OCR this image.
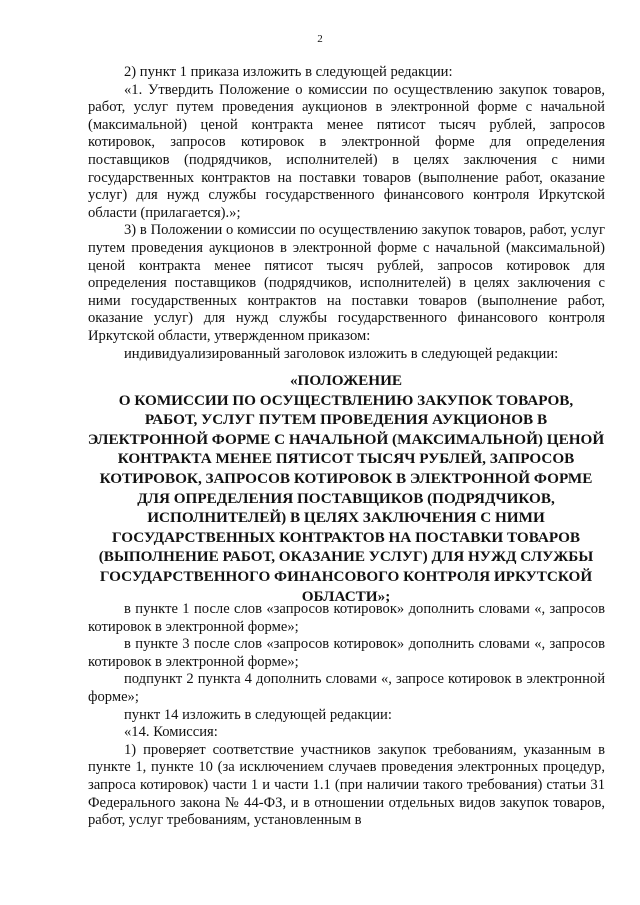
2

2) пункт 1 приказа изложить в следующей редакции:

«1. Утвердить Положение о комиссии по осуществлению закупок товаров, работ, услуг путем проведения аукционов в электронной форме с начальной (максимальной) ценой контракта менее пятисот тысяч рублей, запросов котировок, запросов котировок в электронной форме для определения поставщиков (подрядчиков, исполнителей) в целях заключения с ними государственных контрактов на поставки товаров (выполнение работ, оказание услуг) для нужд службы государственного финансового контроля Иркутской области (прилагается).»;

3) в Положении о комиссии по осуществлению закупок товаров, работ, услуг путем проведения аукционов в электронной форме с начальной (максимальной) ценой контракта менее пятисот тысяч рублей, запросов котировок для определения поставщиков (подрядчиков, исполнителей) в целях заключения с ними государственных контрактов на поставки товаров (выполнение работ, оказание услуг) для нужд службы государственного финансового контроля Иркутской области, утвержденном приказом:

индивидуализированный заголовок изложить в следующей редакции:

«ПОЛОЖЕНИЕ
О КОМИССИИ ПО ОСУЩЕСТВЛЕНИЮ ЗАКУПОК ТОВАРОВ,
РАБОТ, УСЛУГ ПУТЕМ ПРОВЕДЕНИЯ АУКЦИОНОВ В
ЭЛЕКТРОННОЙ ФОРМЕ С НАЧАЛЬНОЙ (МАКСИМАЛЬНОЙ) ЦЕНОЙ
КОНТРАКТА МЕНЕЕ ПЯТИСОТ ТЫСЯЧ РУБЛЕЙ, ЗАПРОСОВ
КОТИРОВОК, ЗАПРОСОВ КОТИРОВОК В ЭЛЕКТРОННОЙ ФОРМЕ
ДЛЯ ОПРЕДЕЛЕНИЯ ПОСТАВЩИКОВ (ПОДРЯДЧИКОВ,
ИСПОЛНИТЕЛЕЙ) В ЦЕЛЯХ ЗАКЛЮЧЕНИЯ С НИМИ
ГОСУДАРСТВЕННЫХ КОНТРАКТОВ НА ПОСТАВКИ ТОВАРОВ
(ВЫПОЛНЕНИЕ РАБОТ, ОКАЗАНИЕ УСЛУГ) ДЛЯ НУЖД СЛУЖБЫ
ГОСУДАРСТВЕННОГО ФИНАНСОВОГО КОНТРОЛЯ ИРКУТСКОЙ
ОБЛАСТИ»;

в пункте 1 после слов «запросов котировок» дополнить словами «, запросов котировок в электронной форме»;

в пункте 3 после слов «запросов котировок» дополнить словами «, запросов котировок в электронной форме»;

подпункт 2 пункта 4 дополнить словами «, запросе котировок в электронной форме»;

пункт 14 изложить в следующей редакции:

«14. Комиссия:

1) проверяет соответствие участников закупок требованиям, указанным в пункте 1, пункте 10 (за исключением случаев проведения электронных процедур, запроса котировок) части 1 и части 1.1 (при наличии такого требования) статьи 31 Федерального закона № 44-ФЗ, и в отношении отдельных видов закупок товаров, работ, услуг требованиям, установленным в
